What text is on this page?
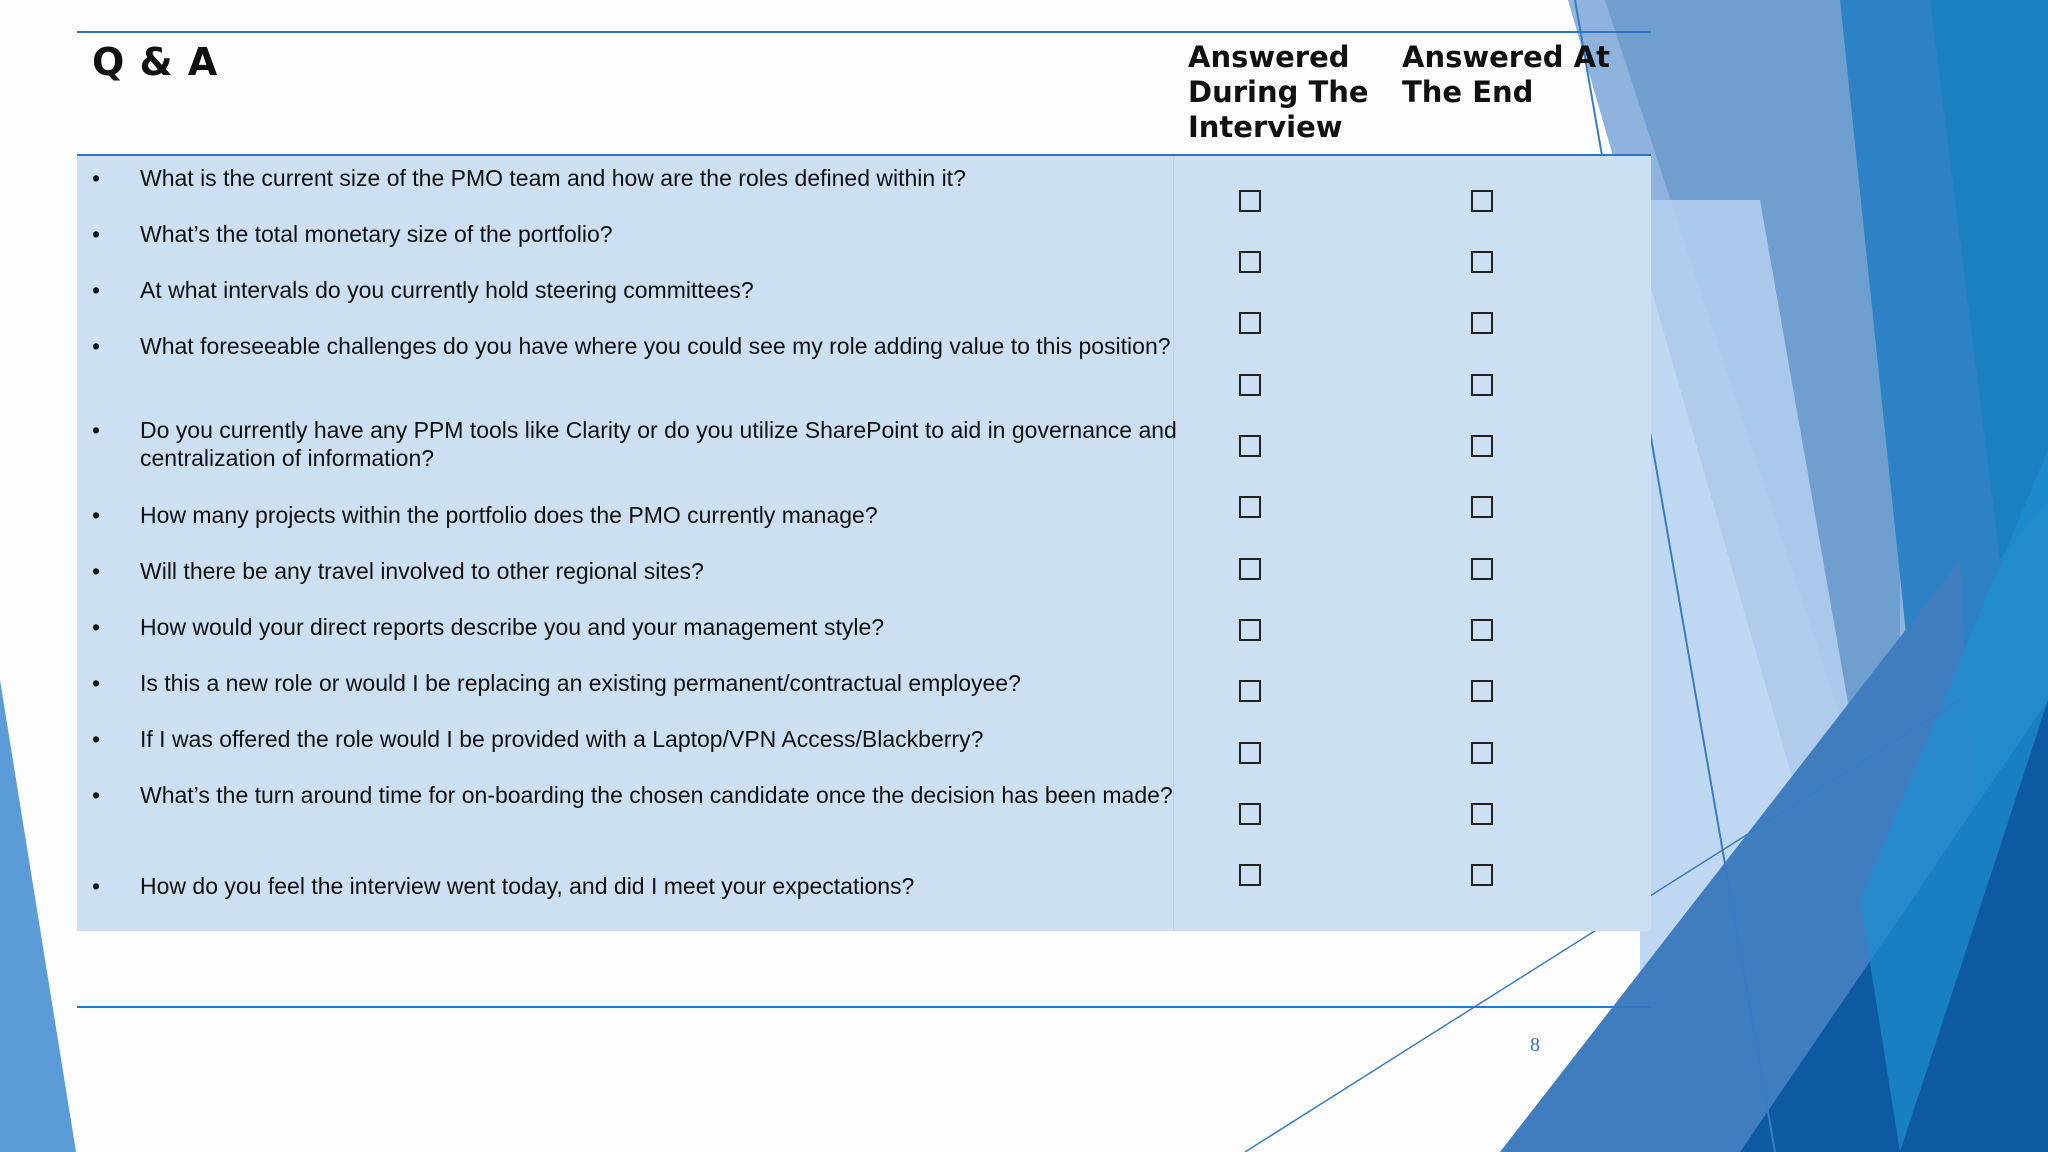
Q & A	Answered During The Interview
Answered At The End
• What is the current size of the PMO team and how are the roles defined within it?
• What’s the total monetary size of the portfolio?
• At what intervals do you currently hold steering committees?
• What foreseeable challenges do you have where you could see my role adding value to this position?
• Do you currently have any PPM tools like Clarity or do you utilize SharePoint to aid in governance and centralization of information?
• How many projects within the portfolio does the PMO currently manage?
• Will there be any travel involved to other regional sites?
• How would your direct reports describe you and your management style?
• Is this a new role or would I be replacing an existing permanent/contractual employee?
• If I was offered the role would I be provided with a Laptop/VPN Access/Blackberry?
• What’s the turn around time for on-boarding the chosen candidate once the decision has been made?
• How do you feel the interview went today, and did I meet your expectations?
8
